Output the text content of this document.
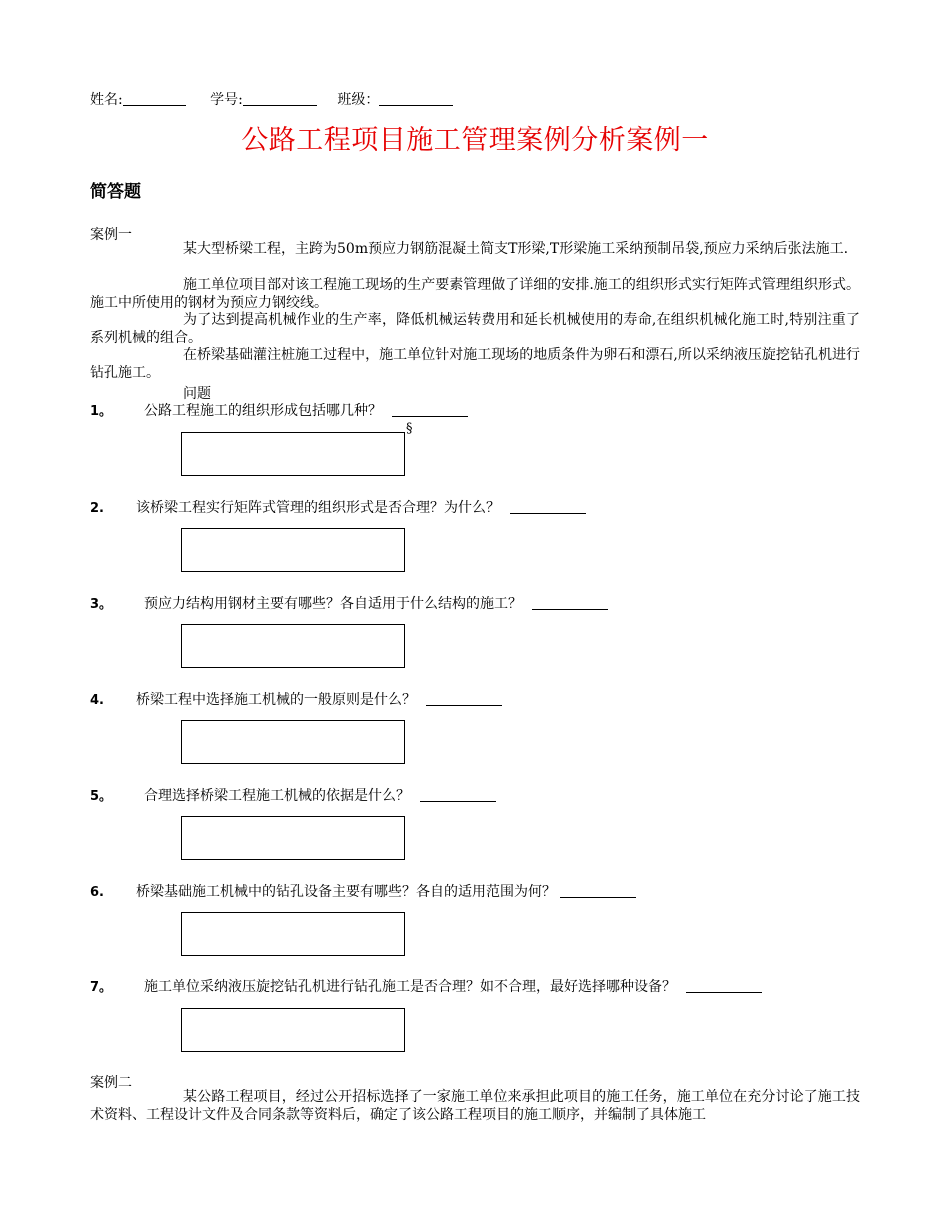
姓名:	学号:	班级：
公路工程项目施工管理案例分析案例一
简答题
案例一
某大型桥梁工程，主跨为50m预应力钢筋混凝土简支T形梁,T形梁施工采纳预制吊袋,预应力采纳后张法施工.
施工单位项目部对该工程施工现场的生产要素管理做了详细的安排.施工的组织形式实行矩阵式管理组织形式。施工中所使用的钢材为预应力钢绞线。
为了达到提高机械作业的生产率，降低机械运转费用和延长机械使用的寿命,在组织机械化施工时,特别注重了系列机械的组合。
在桥梁基础灌注桩施工过程中，施工单位针对施工现场的地质条件为卵石和漂石,所以采纳液压旋挖钻孔机进行钻孔施工。
问题
1。 公路工程施工的组织形成包括哪几种？
§
2. 该桥梁工程实行矩阵式管理的组织形式是否合理？为什么？
3。 预应力结构用钢材主要有哪些？各自适用于什么结构的施工？
4. 桥梁工程中选择施工机械的一般原则是什么？
5。 合理选择桥梁工程施工机械的依据是什么？
6. 桥梁基础施工机械中的钻孔设备主要有哪些？各自的适用范围为何？
7。 施工单位采纳液压旋挖钻孔机进行钻孔施工是否合理？如不合理，最好选择哪种设备？
案例二
某公路工程项目，经过公开招标选择了一家施工单位来承担此项目的施工任务，施工单位在充分讨论了施工技术资料、工程设计文件及合同条款等资料后，确定了该公路工程项目的施工顺序，并编制了具体施工
